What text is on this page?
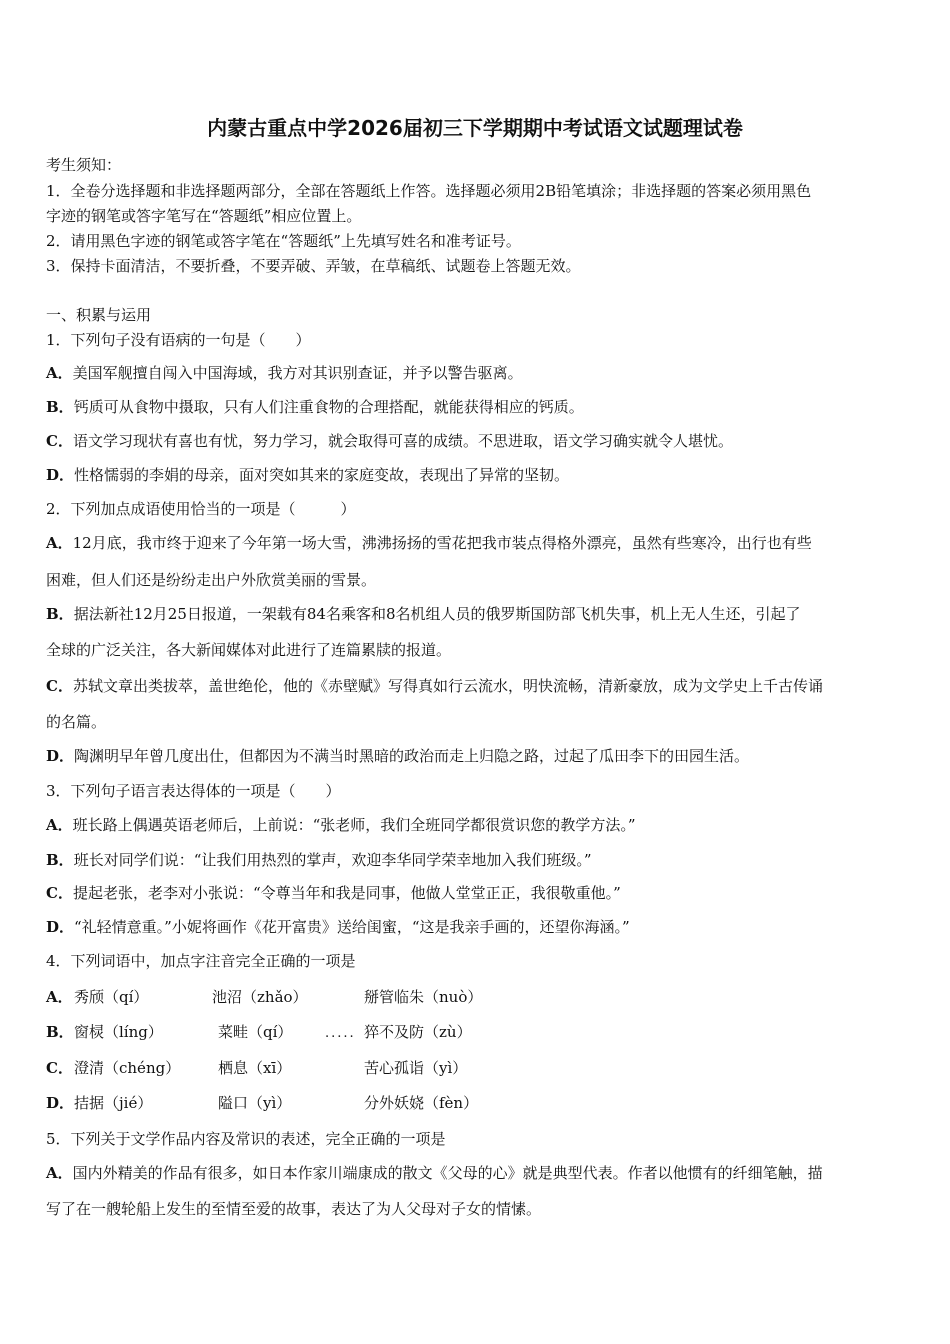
内蒙古重点中学2026届初三下学期期中考试语文试题理试卷
考生须知：
1．全卷分选择题和非选择题两部分，全部在答题纸上作答。选择题必须用2B铅笔填涂；非选择题的答案必须用黑色
字迹的钢笔或答字笔写在“答题纸”相应位置上。
2．请用黑色字迹的钢笔或答字笔在“答题纸”上先填写姓名和准考证号。
3．保持卡面清洁，不要折叠，不要弄破、弄皱，在草稿纸、试题卷上答题无效。
一、积累与运用
1．下列句子没有语病的一句是（　　）
A．美国军舰擅自闯入中国海域，我方对其识别查证，并予以警告驱离。
B．钙质可从食物中摄取，只有人们注重食物的合理搭配，就能获得相应的钙质。
C．语文学习现状有喜也有忧，努力学习，就会取得可喜的成绩。不思进取，语文学习确实就令人堪忧。
D．性格懦弱的李娟的母亲，面对突如其来的家庭变故，表现出了异常的坚韧。
2．下列加点成语使用恰当的一项是（　　　）
A．12月底，我市终于迎来了今年第一场大雪，沸沸扬扬的雪花把我市装点得格外漂亮，虽然有些寒冷，出行也有些
困难，但人们还是纷纷走出户外欣赏美丽的雪景。
B．据法新社12月25日报道，一架载有84名乘客和8名机组人员的俄罗斯国防部飞机失事，机上无人生还，引起了
全球的广泛关注，各大新闻媒体对此进行了连篇累牍的报道。
C．苏轼文章出类拔萃，盖世绝伦，他的《赤壁赋》写得真如行云流水，明快流畅，清新豪放，成为文学史上千古传诵
的名篇。
D．陶渊明早年曾几度出仕，但都因为不满当时黑暗的政治而走上归隐之路，过起了瓜田李下的田园生活。
3．下列句子语言表达得体的一项是（　　）
A．班长路上偶遇英语老师后，上前说：“张老师，我们全班同学都很赏识您的教学方法。”
B．班长对同学们说：“让我们用热烈的掌声，欢迎李华同学荣幸地加入我们班级。”
C．提起老张，老李对小张说：“令尊当年和我是同事，他做人堂堂正正，我很敬重他。”
D．“礼轻情意重。”小妮将画作《花开富贵》送给闺蜜，“这是我亲手画的，还望你海涵。”
4．下列词语中，加点字注音完全正确的一项是
A． 秀颀（qí）	池沼（zhǎo）	掰管临朱（nuò）
B． 窗棂（líng）	菜畦（qí）	猝不及防（zù）
.....
C． 澄清（chéng）	栖息（xī）	苦心孤诣（yì）
D． 拮据（jié）	隘口（yì）	分外妖娆（fèn）
5．下列关于文学作品内容及常识的表述，完全正确的一项是
A．国内外精美的作品有很多，如日本作家川端康成的散文《父母的心》就是典型代表。作者以他惯有的纤细笔触，描
写了在一艘轮船上发生的至情至爱的故事，表达了为人父母对子女的情愫。
